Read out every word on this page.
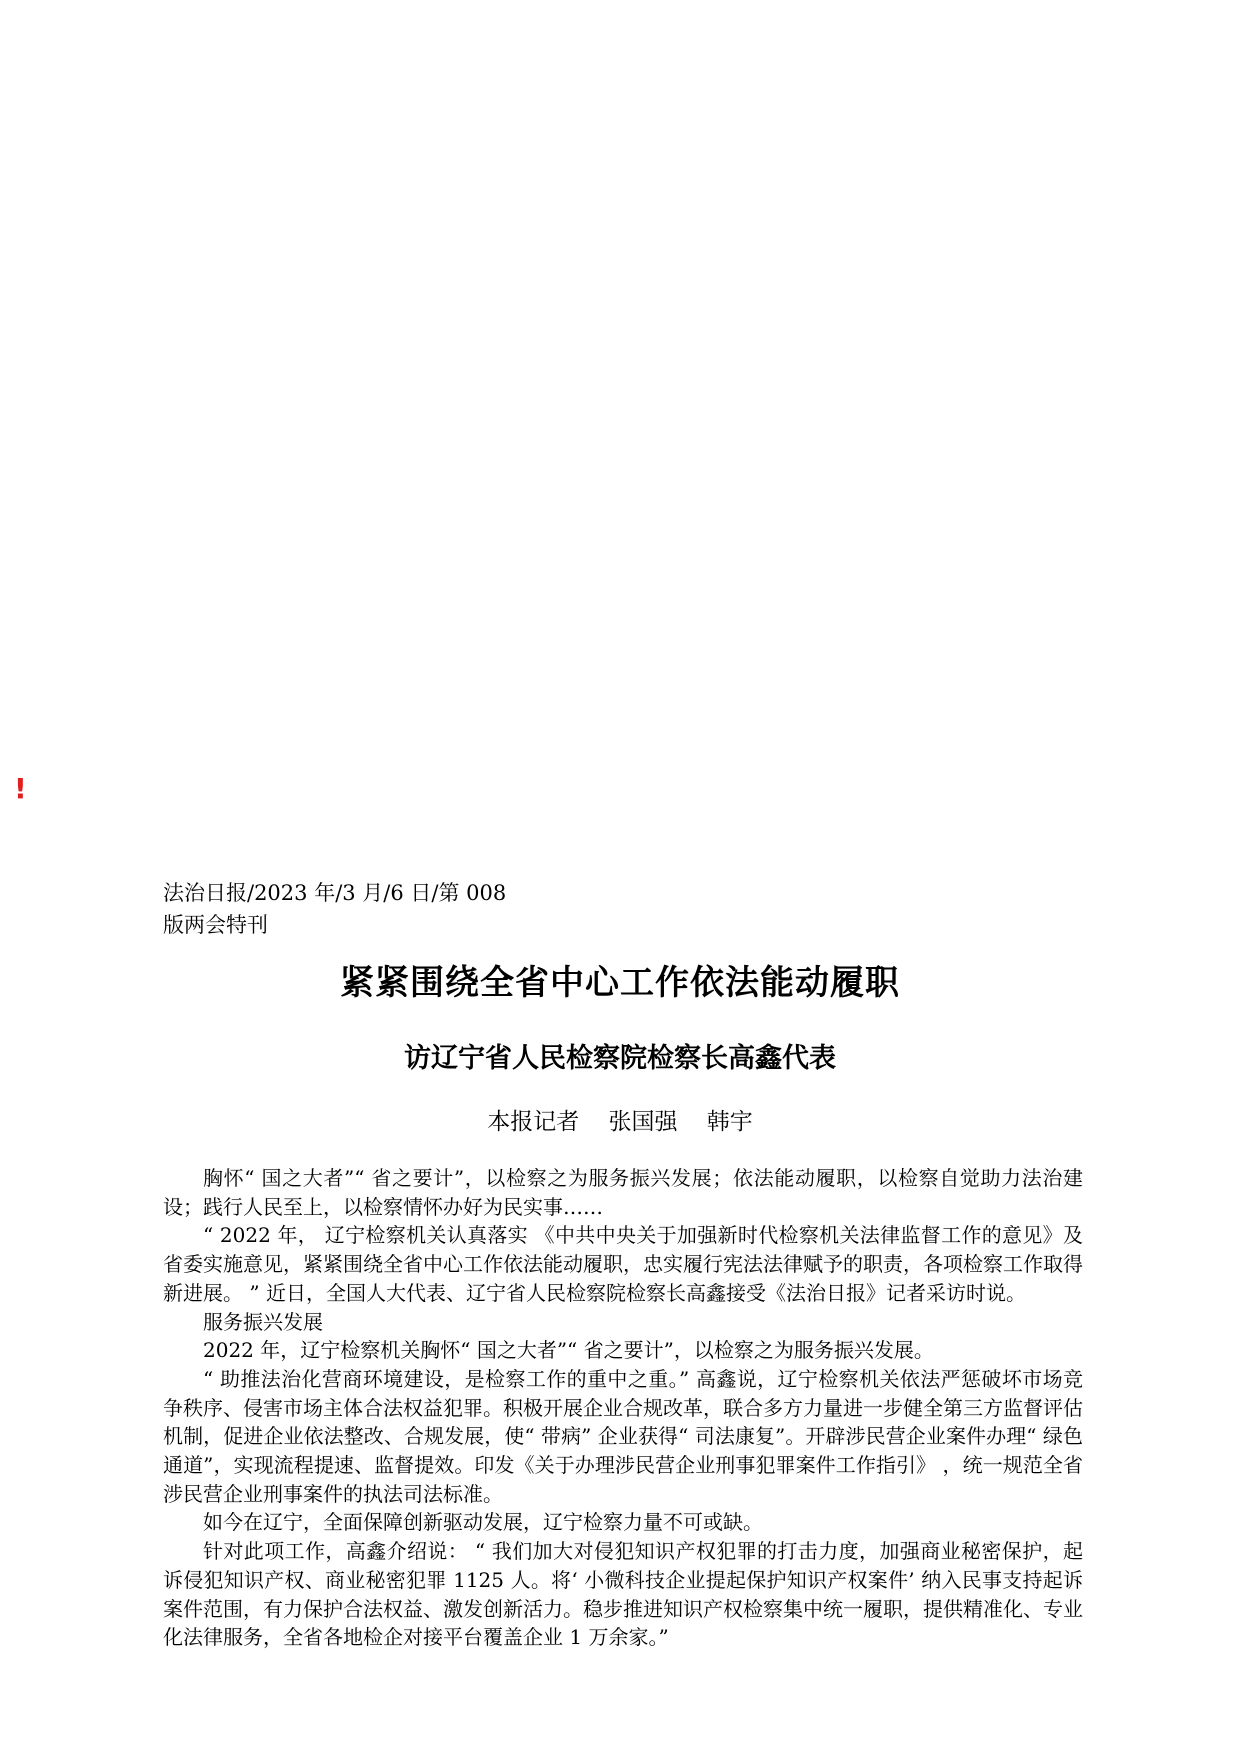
!
法治日报/2023 年/3 月/6 日/第 008 版两会特刊
紧紧围绕全省中心工作依法能动履职
访辽宁省人民检察院检察长高鑫代表
本报记者    张国强    韩宇

胸怀“ 国之大者”“ 省之要计”，以检察之为服务振兴发展；依法能动履职，以检察自觉助力法治建设；践行人民至上，以检察情怀办好为民实事……

“ 2022 年， 辽宁检察机关认真落实 《中共中央关于加强新时代检察机关法律监督工作的意见》及省委实施意见，紧紧围绕全省中心工作依法能动履职，忠实履行宪法法律赋予的职责，各项检察工作取得新进展。 ” 近日，全国人大代表、辽宁省人民检察院检察长高鑫接受《法治日报》记者采访时说。

服务振兴发展

2022 年，辽宁检察机关胸怀“ 国之大者”“ 省之要计”，以检察之为服务振兴发展。

“ 助推法治化营商环境建设，是检察工作的重中之重。” 高鑫说，辽宁检察机关依法严惩破坏市场竞争秩序、侵害市场主体合法权益犯罪。积极开展企业合规改革，联合多方力量进一步健全第三方监督评估机制，促进企业依法整改、合规发展，使“ 带病” 企业获得“ 司法康复”。开辟涉民营企业案件办理“ 绿色通道”，实现流程提速、监督提效。印发《关于办理涉民营企业刑事犯罪案件工作指引》 ，统一规范全省涉民营企业刑事案件的执法司法标准。

如今在辽宁，全面保障创新驱动发展，辽宁检察力量不可或缺。

针对此项工作，高鑫介绍说： “ 我们加大对侵犯知识产权犯罪的打击力度，加强商业秘密保护，起诉侵犯知识产权、商业秘密犯罪 1125 人。将‘ 小微科技企业提起保护知识产权案件’ 纳入民事支持起诉案件范围，有力保护合法权益、激发创新活力。稳步推进知识产权检察集中统一履职，提供精准化、专业化法律服务，全省各地检企对接平台覆盖企业 1 万余家。”
